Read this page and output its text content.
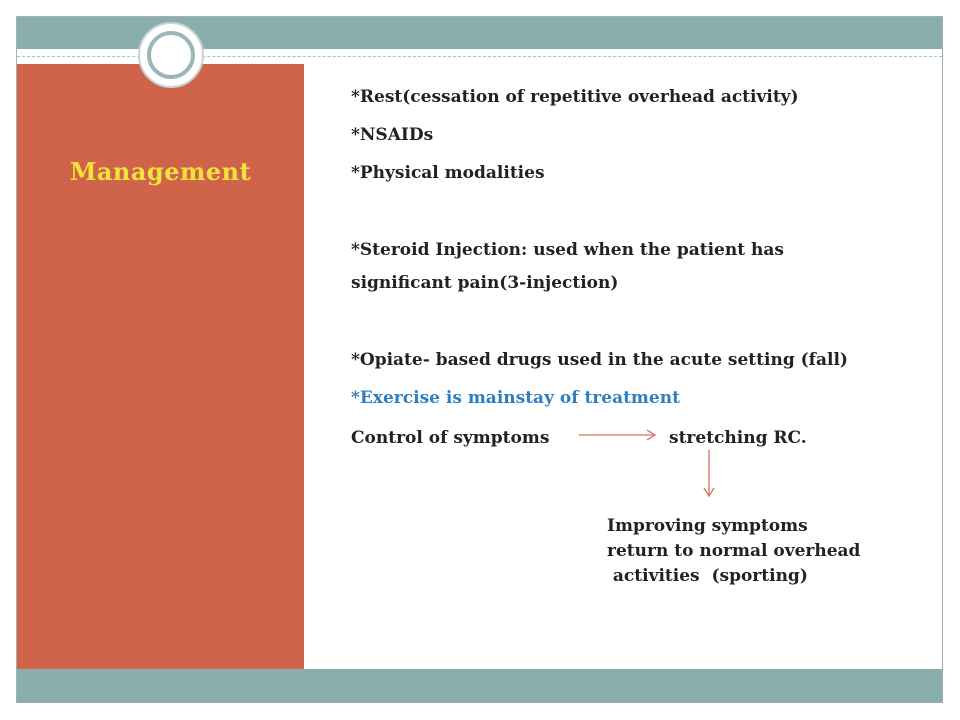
Management

*Rest(cessation of repetitive overhead activity)

*NSAIDs

*Physical modalities

*Steroid Injection: used when the patient has

significant pain(3-injection)

*Opiate- based drugs used in the acute setting (fall)

*Exercise is mainstay of treatment

Control of symptoms	stretching RC.

Improving symptoms

return to normal overhead

activities  (sporting)
